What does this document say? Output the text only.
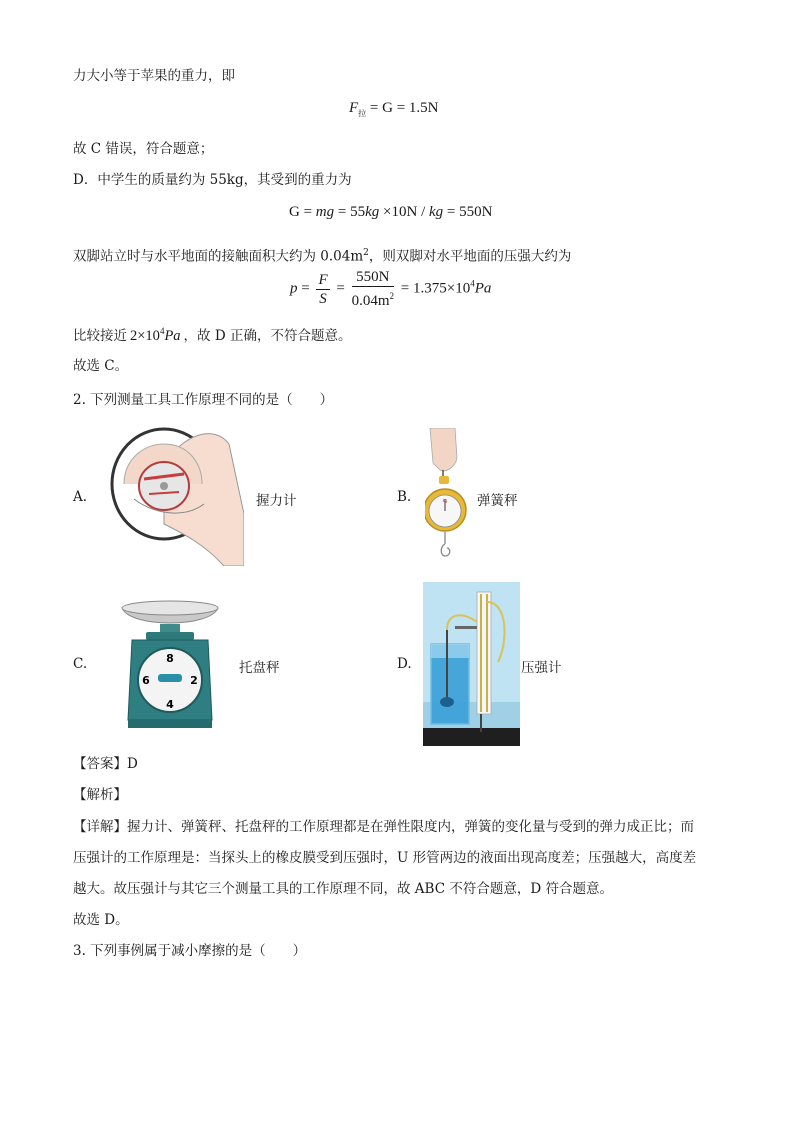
力大小等于苹果的重力，即
$F_拉 = G = 1.5N$
故 C 错误，符合题意；
D．中学生的质量约为 55kg，其受到的重力为
G = mg = 55kg ×10N / kg = 550N
双脚站立时与水平地面的接触面积大约为 $0.04m^2$，则双脚对水平地面的压强大约为
$p = \frac{F}{S} = \frac{550N}{0.04m^2} = 1.375\times 10^4Pa$
比较接近 $2\times 10^4Pa$ ，故 D 正确，不符合题意。
故选 C。
2. 下列测量工具工作原理不同的是（　　）
A.	握力计	B.	kg 弹簧秤
C.	8
6	2
4
托盘秤	D.	压强计
【答案】D
【解析】
【详解】握力计、弹簧秤、托盘秤的工作原理都是在弹性限度内，弹簧的变化量与受到的弹力成正比；而
压强计的工作原理是：当探头上的橡皮膜受到压强时，U 形管两边的液面出现高度差；压强越大，高度差
越大。故压强计与其它三个测量工具的工作原理不同，故 ABC 不符合题意，D 符合题意。
故选 D。
3. 下列事例属于减小摩擦的是（　　）
